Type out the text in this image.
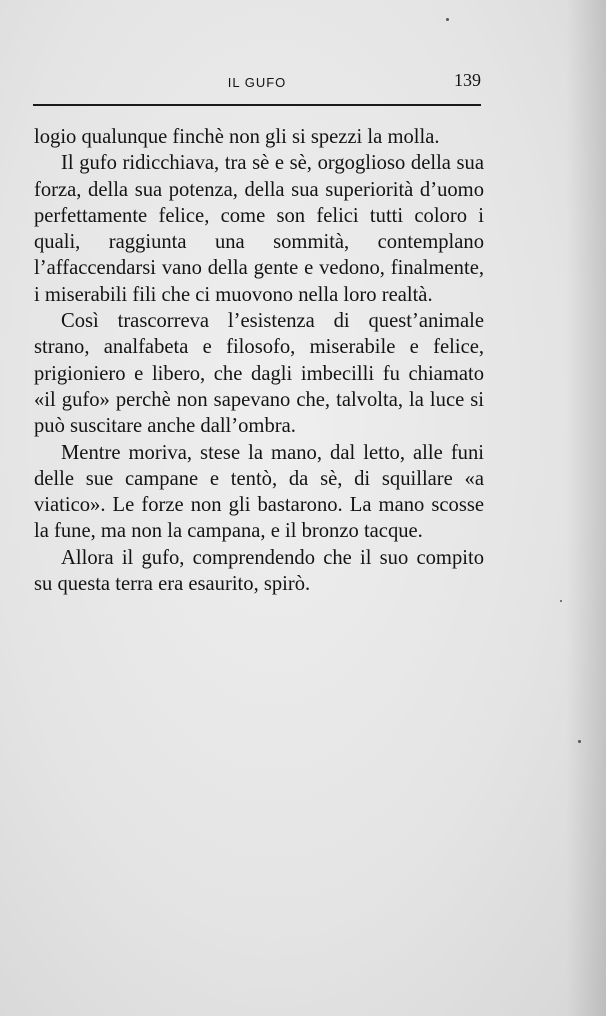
IL GUFO	139

logio qualunque finchè non gli si spezzi la molla.

Il gufo ridicchiava, tra sè e sè, orgoglioso della sua forza, della sua potenza, della sua superiorità d’uomo perfettamente felice, come son felici tutti coloro i quali, raggiunta una sommità, contemplano l’affaccendarsi vano della gente e vedono, finalmente, i miserabili fili che ci muovono nella loro realtà.

Così trascorreva l’esistenza di quest’animale strano, analfabeta e filosofo, miserabile e felice, prigioniero e libero, che dagli imbecilli fu chiamato «il gufo» perchè non sapevano che, talvolta, la luce si può suscitare anche dall’ombra.

Mentre moriva, stese la mano, dal letto, alle funi delle sue campane e tentò, da sè, di squillare «a viatico». Le forze non gli bastarono. La mano scosse la fune, ma non la campana, e il bronzo tacque.

Allora il gufo, comprendendo che il suo compito su questa terra era esaurito, spirò.
